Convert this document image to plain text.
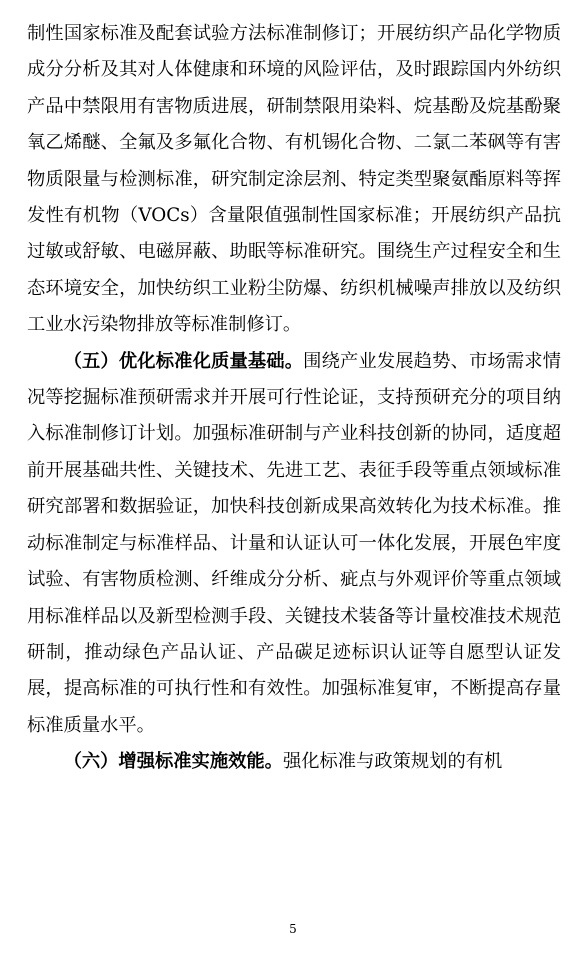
制性国家标准及配套试验方法标准制修订；开展纺织产品化学物质成分分析及其对人体健康和环境的风险评估，及时跟踪国内外纺织产品中禁限用有害物质进展，研制禁限用染料、烷基酚及烷基酚聚氧乙烯醚、全氟及多氟化合物、有机锡化合物、二氯二苯砜等有害物质限量与检测标准，研究制定涂层剂、特定类型聚氨酯原料等挥发性有机物（VOCs）含量限值强制性国家标准；开展纺织产品抗过敏或舒敏、电磁屏蔽、助眠等标准研究。围绕生产过程安全和生态环境安全，加快纺织工业粉尘防爆、纺织机械噪声排放以及纺织工业水污染物排放等标准制修订。

（五）优化标准化质量基础。围绕产业发展趋势、市场需求情况等挖掘标准预研需求并开展可行性论证，支持预研充分的项目纳入标准制修订计划。加强标准研制与产业科技创新的协同，适度超前开展基础共性、关键技术、先进工艺、表征手段等重点领域标准研究部署和数据验证，加快科技创新成果高效转化为技术标准。推动标准制定与标准样品、计量和认证认可一体化发展，开展色牢度试验、有害物质检测、纤维成分分析、疵点与外观评价等重点领域用标准样品以及新型检测手段、关键技术装备等计量校准技术规范研制，推动绿色产品认证、产品碳足迹标识认证等自愿型认证发展，提高标准的可执行性和有效性。加强标准复审，不断提高存量标准质量水平。

（六）增强标准实施效能。强化标准与政策规划的有机

5
